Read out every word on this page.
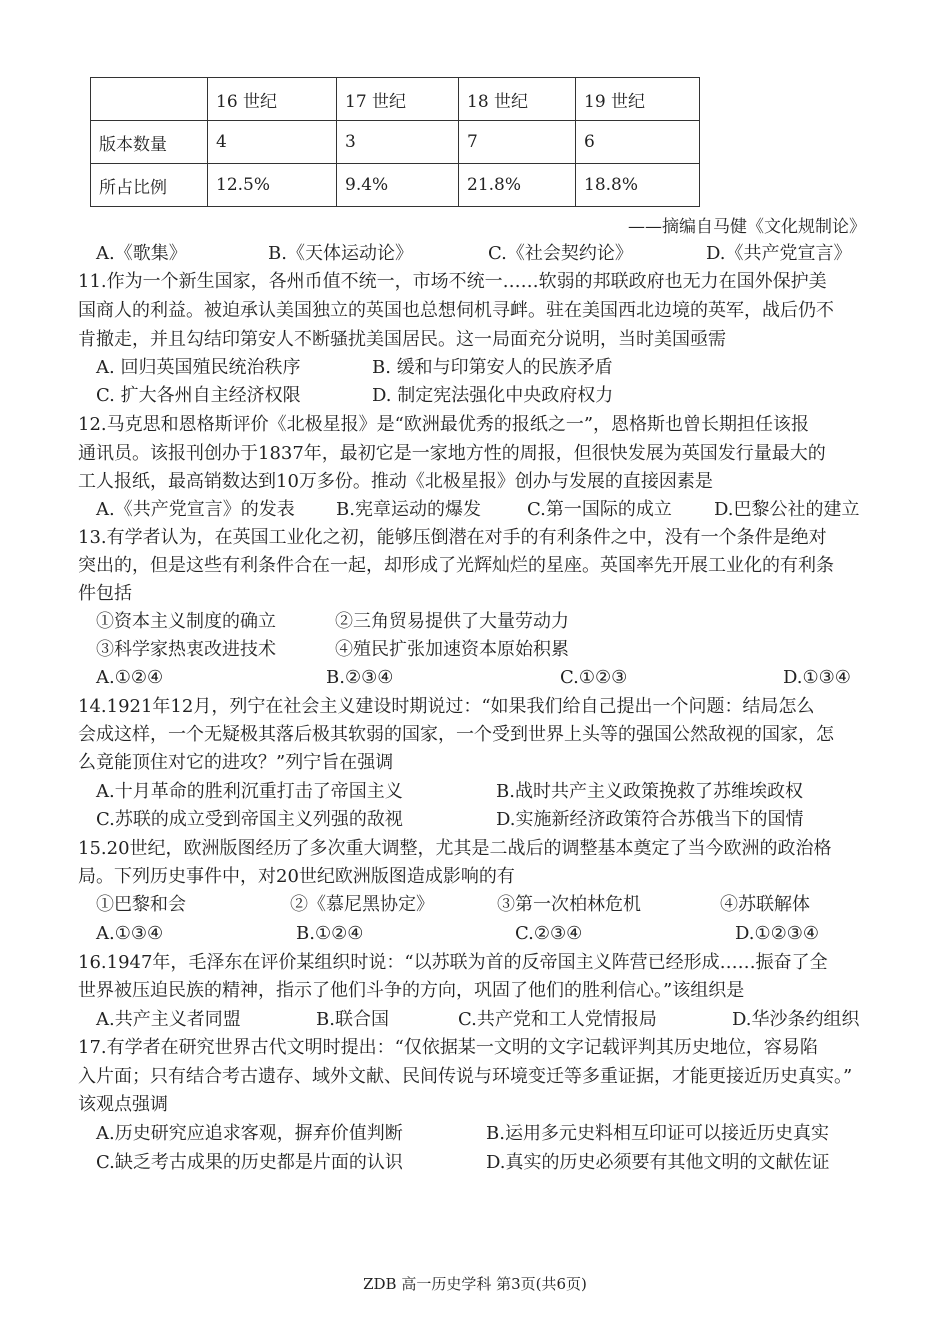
	16 世纪	17 世纪	18 世纪	19 世纪
版本数量	4	3	7	6
所占比例	12.5%	9.4%	21.8%	18.8%
——摘编自马健《文化规制论》
A.《歌集》	B.《天体运动论》	C.《社会契约论》	D.《共产党宣言》
11.作为一个新生国家，各州币值不统一，市场不统一……软弱的邦联政府也无力在国外保护美
国商人的利益。被迫承认美国独立的英国也总想伺机寻衅。驻在美国西北边境的英军，战后仍不
肯撤走，并且勾结印第安人不断骚扰美国居民。这一局面充分说明，当时美国亟需
A. 回归英国殖民统治秩序	B. 缓和与印第安人的民族矛盾
C. 扩大各州自主经济权限	D. 制定宪法强化中央政府权力
12.马克思和恩格斯评价《北极星报》是“欧洲最优秀的报纸之一”，恩格斯也曾长期担任该报
通讯员。该报刊创办于1837年，最初它是一家地方性的周报，但很快发展为英国发行量最大的
工人报纸，最高销数达到10万多份。推动《北极星报》创办与发展的直接因素是
A.《共产党宣言》的发表 B.宪章运动的爆发	C.第一国际的成立 D.巴黎公社的建立
13.有学者认为，在英国工业化之初，能够压倒潜在对手的有利条件之中，没有一个条件是绝对
突出的，但是这些有利条件合在一起，却形成了光辉灿烂的星座。英国率先开展工业化的有利条
件包括
①资本主义制度的确立	②三角贸易提供了大量劳动力
③科学家热衷改进技术	④殖民扩张加速资本原始积累
A.①②④	B.②③④	C.①②③	D.①③④
14.1921年12月，列宁在社会主义建设时期说过：“如果我们给自己提出一个问题：结局怎么
会成这样，一个无疑极其落后极其软弱的国家，一个受到世界上头等的强国公然敌视的国家，怎
么竟能顶住对它的进攻？”列宁旨在强调
A.十月革命的胜利沉重打击了帝国主义	B.战时共产主义政策挽救了苏维埃政权
C.苏联的成立受到帝国主义列强的敌视	D.实施新经济政策符合苏俄当下的国情
15.20世纪，欧洲版图经历了多次重大调整，尤其是二战后的调整基本奠定了当今欧洲的政治格
局。下列历史事件中，对20世纪欧洲版图造成影响的有
①巴黎和会	②《慕尼黑协定》	③第一次柏林危机	④苏联解体
A.①③④	B.①②④	C.②③④	D.①②③④
16.1947年，毛泽东在评价某组织时说：“以苏联为首的反帝国主义阵营已经形成……振奋了全
世界被压迫民族的精神，指示了他们斗争的方向，巩固了他们的胜利信心。”该组织是
A.共产主义者同盟	B.联合国	C.共产党和工人党情报局	D.华沙条约组织
17.有学者在研究世界古代文明时提出：“仅依据某一文明的文字记载评判其历史地位，容易陷
入片面；只有结合考古遗存、域外文献、民间传说与环境变迁等多重证据，才能更接近历史真实。”
该观点强调
A.历史研究应追求客观，摒弃价值判断	B.运用多元史料相互印证可以接近历史真实
C.缺乏考古成果的历史都是片面的认识	D.真实的历史必须要有其他文明的文献佐证
ZDB 高一历史学科 第3页(共6页)
